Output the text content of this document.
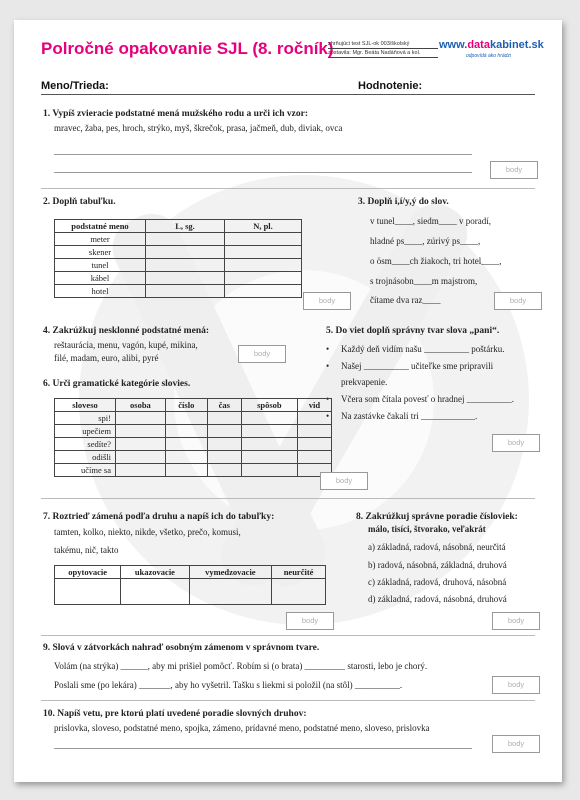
Polročné opakovanie SJL (8. ročník)
zhrňujúci test SJL-ok 003/školský
zostavila: Mgr. Beáta Nadáňová a kol.
www.datakabinet.sk
odpovídá ako hrádzi
Meno/Trieda:	Hodnotenie:
1. Vypíš zvieracie podstatné mená mužského rodu a urči ich vzor:
mravec, žaba, pes, hroch, strýko, myš, škrečok, prasa, jačmeň, dub, diviak, ovca
body
2. Doplň tabuľku.
podstatné meno	L, sg.	N, pl.
meter		
skener		
tunel		
kábel		
hotel		
body
3. Doplň i,í/y,ý do slov.
v tunel____, siedm____ v poradí,
hladné ps____, zúrivý ps____,
o ösm____ch žiakoch, tri hotel____,
s trojnásobn____m majstrom,
čítame dva raz____	body
4. Zakrúžkuj nesklonné podstatné mená:
reštaurácia, menu, vagón, kupé, mikina,
filé, madam, euro, alibi, pyré	body
5. Do viet doplň správny tvar slova „pani“.
• Každý deň vidím našu __________ poštárku.
• Našej __________ učiteľke sme pripravili
prekvapenie.
• Včera som čítala povesť o hradnej __________.
• Na zastávke čakali tri ____________.
body
6. Urči gramatické kategórie slovies.
sloveso	osoba	číslo	čas	spôsob	vid
spi!					
upečiem					
sedíte?					
odišli					
učíme sa					
body
7. Roztrieď zámená podľa druhu a napíš ich do tabuľky:
tamten, kolko, niekto, nikde, všetko, prečo, komusi,
takému, nič, takto
opytovacie	ukazovacie	vymedzovacie	neurčité

body
8. Zakrúžkuj správne poradie čísloviek:
málo, tisíci, štvorako, veľakrát
a) základná, radová, násobná, neurčitá
b) radová, násobná, základná, druhová
c) základná, radová, druhová, násobná
d) základná, radová, násobná, druhová
body
9. Slová v zátvorkách nahraď osobným zámenom v správnom tvare.
Volám (na strýka) ______, aby mi prišiel pomôcť. Robím si (o brata) _________ starosti, lebo je chorý.
Poslali sme (po lekára) _______, aby ho vyšetril. Tašku s liekmi si položil (na stôl) __________.	body
10. Napíš vetu, pre ktorú platí uvedené poradie slovných druhov:
prislovka, sloveso, podstatné meno, spojka, zámeno, prídavné meno, podstatné meno, sloveso, prislovka
body
